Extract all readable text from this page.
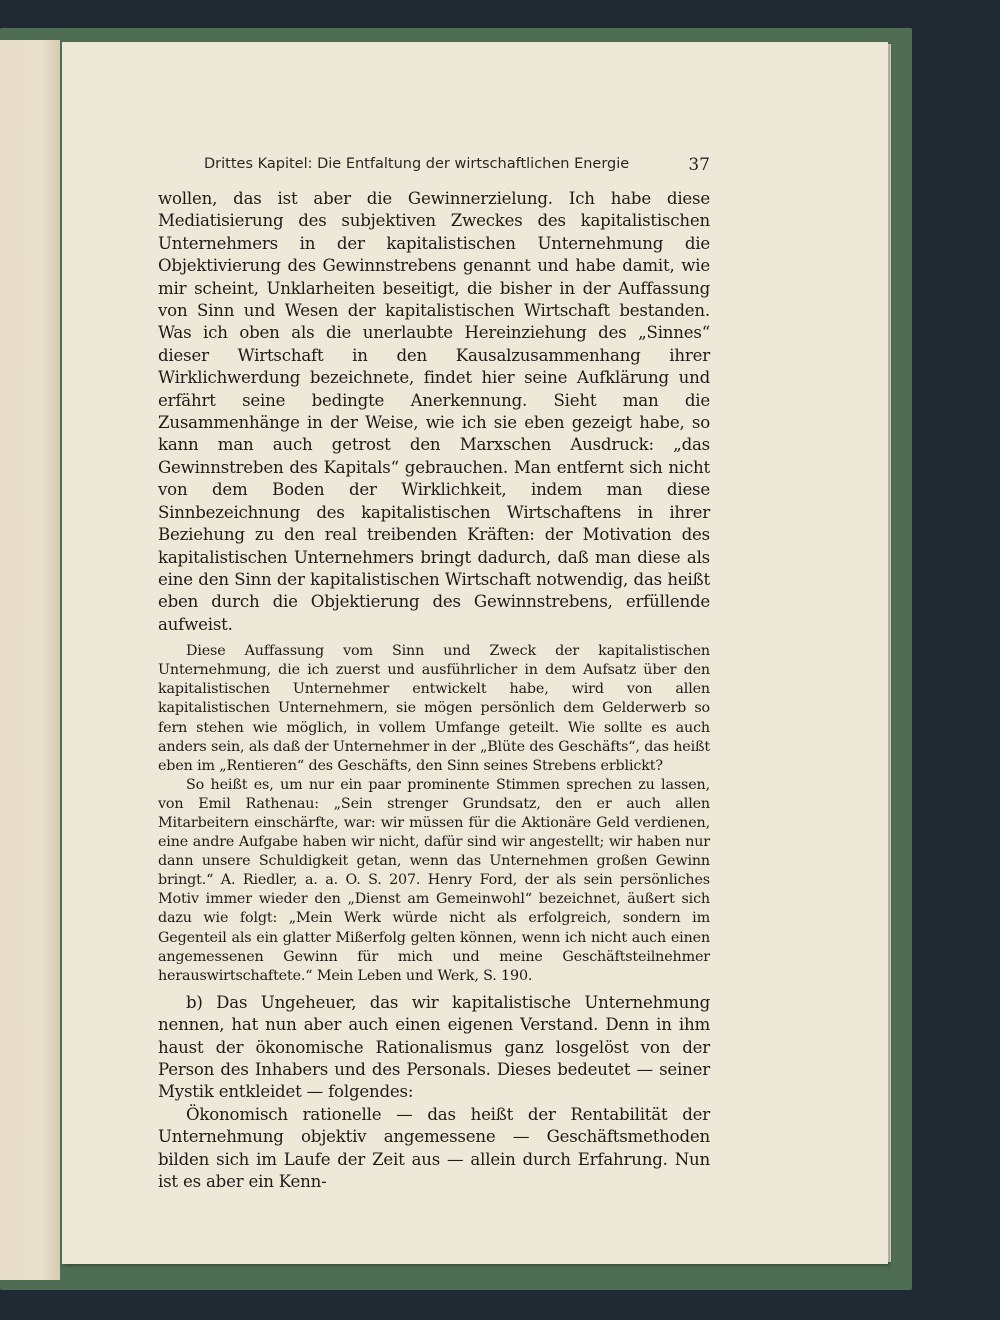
Drittes Kapitel: Die Entfaltung der wirtschaftlichen Energie	37

wollen, das ist aber die Gewinnerzielung. Ich habe diese Mediatisierung des subjektiven Zweckes des kapitalistischen Unternehmers in der kapitalistischen Unternehmung die Objektivierung des Gewinnstrebens genannt und habe damit, wie mir scheint, Unklarheiten beseitigt, die bisher in der Auffassung von Sinn und Wesen der kapitalistischen Wirtschaft bestanden. Was ich oben als die unerlaubte Hereinziehung des „Sinnes“ dieser Wirtschaft in den Kausalzusammenhang ihrer Wirklichwerdung bezeichnete, findet hier seine Aufklärung und erfährt seine bedingte Anerkennung. Sieht man die Zusammenhänge in der Weise, wie ich sie eben gezeigt habe, so kann man auch getrost den Marxschen Ausdruck: „das Gewinnstreben des Kapitals“ gebrauchen. Man entfernt sich nicht von dem Boden der Wirklichkeit, indem man diese Sinnbezeichnung des kapitalistischen Wirtschaftens in ihrer Beziehung zu den real treibenden Kräften: der Motivation des kapitalistischen Unternehmers bringt dadurch, daß man diese als eine den Sinn der kapitalistischen Wirtschaft notwendig, das heißt eben durch die Objektierung des Gewinnstrebens, erfüllende aufweist.

Diese Auffassung vom Sinn und Zweck der kapitalistischen Unternehmung, die ich zuerst und ausführlicher in dem Aufsatz über den kapitalistischen Unternehmer entwickelt habe, wird von allen kapitalistischen Unternehmern, sie mögen persönlich dem Gelderwerb so fern stehen wie möglich, in vollem Umfange geteilt. Wie sollte es auch anders sein, als daß der Unternehmer in der „Blüte des Geschäfts“, das heißt eben im „Rentieren“ des Geschäfts, den Sinn seines Strebens erblickt?

So heißt es, um nur ein paar prominente Stimmen sprechen zu lassen, von Emil Rathenau: „Sein strenger Grundsatz, den er auch allen Mitarbeitern einschärfte, war: wir müssen für die Aktionäre Geld verdienen, eine andre Aufgabe haben wir nicht, dafür sind wir angestellt; wir haben nur dann unsere Schuldigkeit getan, wenn das Unternehmen großen Gewinn bringt.“ A. Riedler, a. a. O. S. 207. Henry Ford, der als sein persönliches Motiv immer wieder den „Dienst am Gemeinwohl“ bezeichnet, äußert sich dazu wie folgt: „Mein Werk würde nicht als erfolgreich, sondern im Gegenteil als ein glatter Mißerfolg gelten können, wenn ich nicht auch einen angemessenen Gewinn für mich und meine Geschäftsteilnehmer herauswirtschaftete.“ Mein Leben und Werk, S. 190.

b) Das Ungeheuer, das wir kapitalistische Unternehmung nennen, hat nun aber auch einen eigenen Verstand. Denn in ihm haust der ökonomische Rationalismus ganz losgelöst von der Person des Inhabers und des Personals. Dieses bedeutet — seiner Mystik entkleidet — folgendes:

Ökonomisch rationelle — das heißt der Rentabilität der Unternehmung objektiv angemessene — Geschäftsmethoden bilden sich im Laufe der Zeit aus — allein durch Erfahrung. Nun ist es aber ein Kenn-
